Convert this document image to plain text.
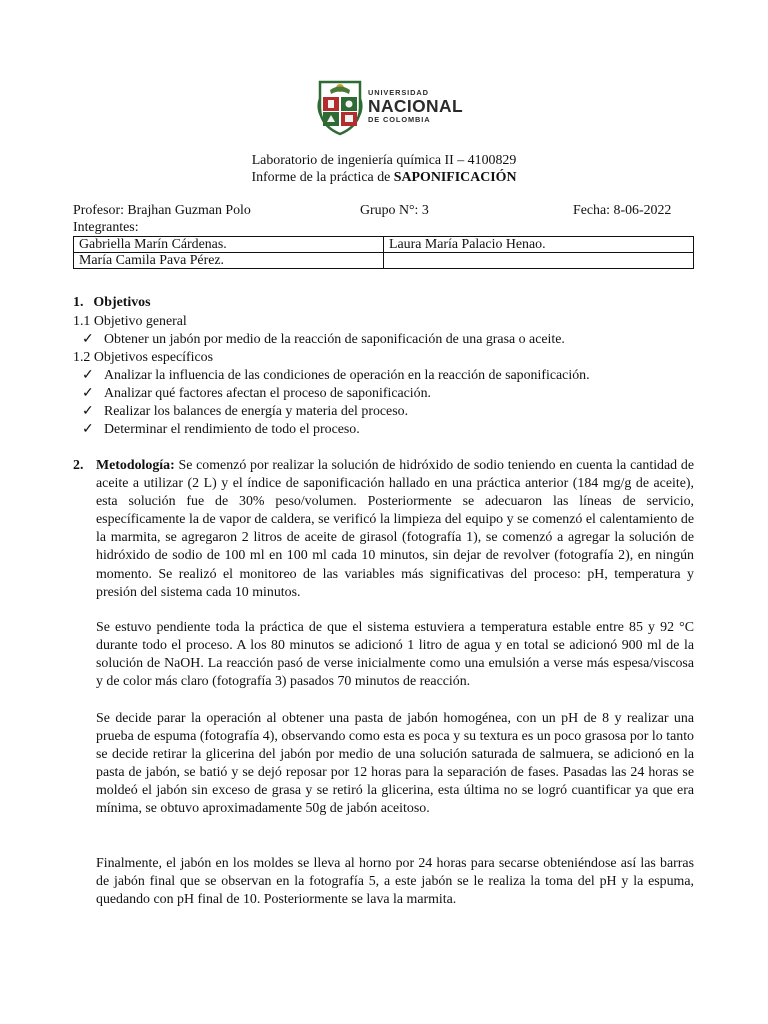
UNIVERSIDAD
NACIONAL
DE COLOMBIA
Laboratorio de ingeniería química II – 4100829
Informe de la práctica de SAPONIFICACIÓN
Profesor: Brajhan Guzman Polo	Grupo N°: 3	Fecha: 8-06-2022
Integrantes:
Gabriella Marín Cárdenas.	Laura María Palacio Henao.
María Camila Pava Pérez.	
1. Objetivos
1.1 Objetivo general
✓ Obtener un jabón por medio de la reacción de saponificación de una grasa o aceite.
1.2 Objetivos específicos
✓ Analizar la influencia de las condiciones de operación en la reacción de saponificación.
✓ Analizar qué factores afectan el proceso de saponificación.
✓ Realizar los balances de energía y materia del proceso.
✓ Determinar el rendimiento de todo el proceso.
2. Metodología: Se comenzó por realizar la solución de hidróxido de sodio teniendo en cuenta la cantidad de aceite a utilizar (2 L) y el índice de saponificación hallado en una práctica anterior (184 mg/g de aceite), esta solución fue de 30% peso/volumen. Posteriormente se adecuaron las líneas de servicio, específicamente la de vapor de caldera, se verificó la limpieza del equipo y se comenzó el calentamiento de la marmita, se agregaron 2 litros de aceite de girasol (fotografía 1), se comenzó a agregar la solución de hidróxido de sodio de 100 ml en 100 ml cada 10 minutos, sin dejar de revolver (fotografía 2), en ningún momento. Se realizó el monitoreo de las variables más significativas del proceso: pH, temperatura y presión del sistema cada 10 minutos.

Se estuvo pendiente toda la práctica de que el sistema estuviera a temperatura estable entre 85 y 92 °C durante todo el proceso. A los 80 minutos se adicionó 1 litro de agua y en total se adicionó 900 ml de la solución de NaOH. La reacción pasó de verse inicialmente como una emulsión a verse más espesa/viscosa y de color más claro (fotografía 3) pasados 70 minutos de reacción.

Se decide parar la operación al obtener una pasta de jabón homogénea, con un pH de 8 y realizar una prueba de espuma (fotografía 4), observando como esta es poca y su textura es un poco grasosa por lo tanto se decide retirar la glicerina del jabón por medio de una solución saturada de salmuera, se adicionó en la pasta de jabón, se batió y se dejó reposar por 12 horas para la separación de fases. Pasadas las 24 horas se moldeó el jabón sin exceso de grasa y se retiró la glicerina, esta última no se logró cuantificar ya que era mínima, se obtuvo aproximadamente 50g de jabón aceitoso.

Finalmente, el jabón en los moldes se lleva al horno por 24 horas para secarse obteniéndose así las barras de jabón final que se observan en la fotografía 5, a este jabón se le realiza la toma del pH y la espuma, quedando con pH final de 10. Posteriormente se lava la marmita.
